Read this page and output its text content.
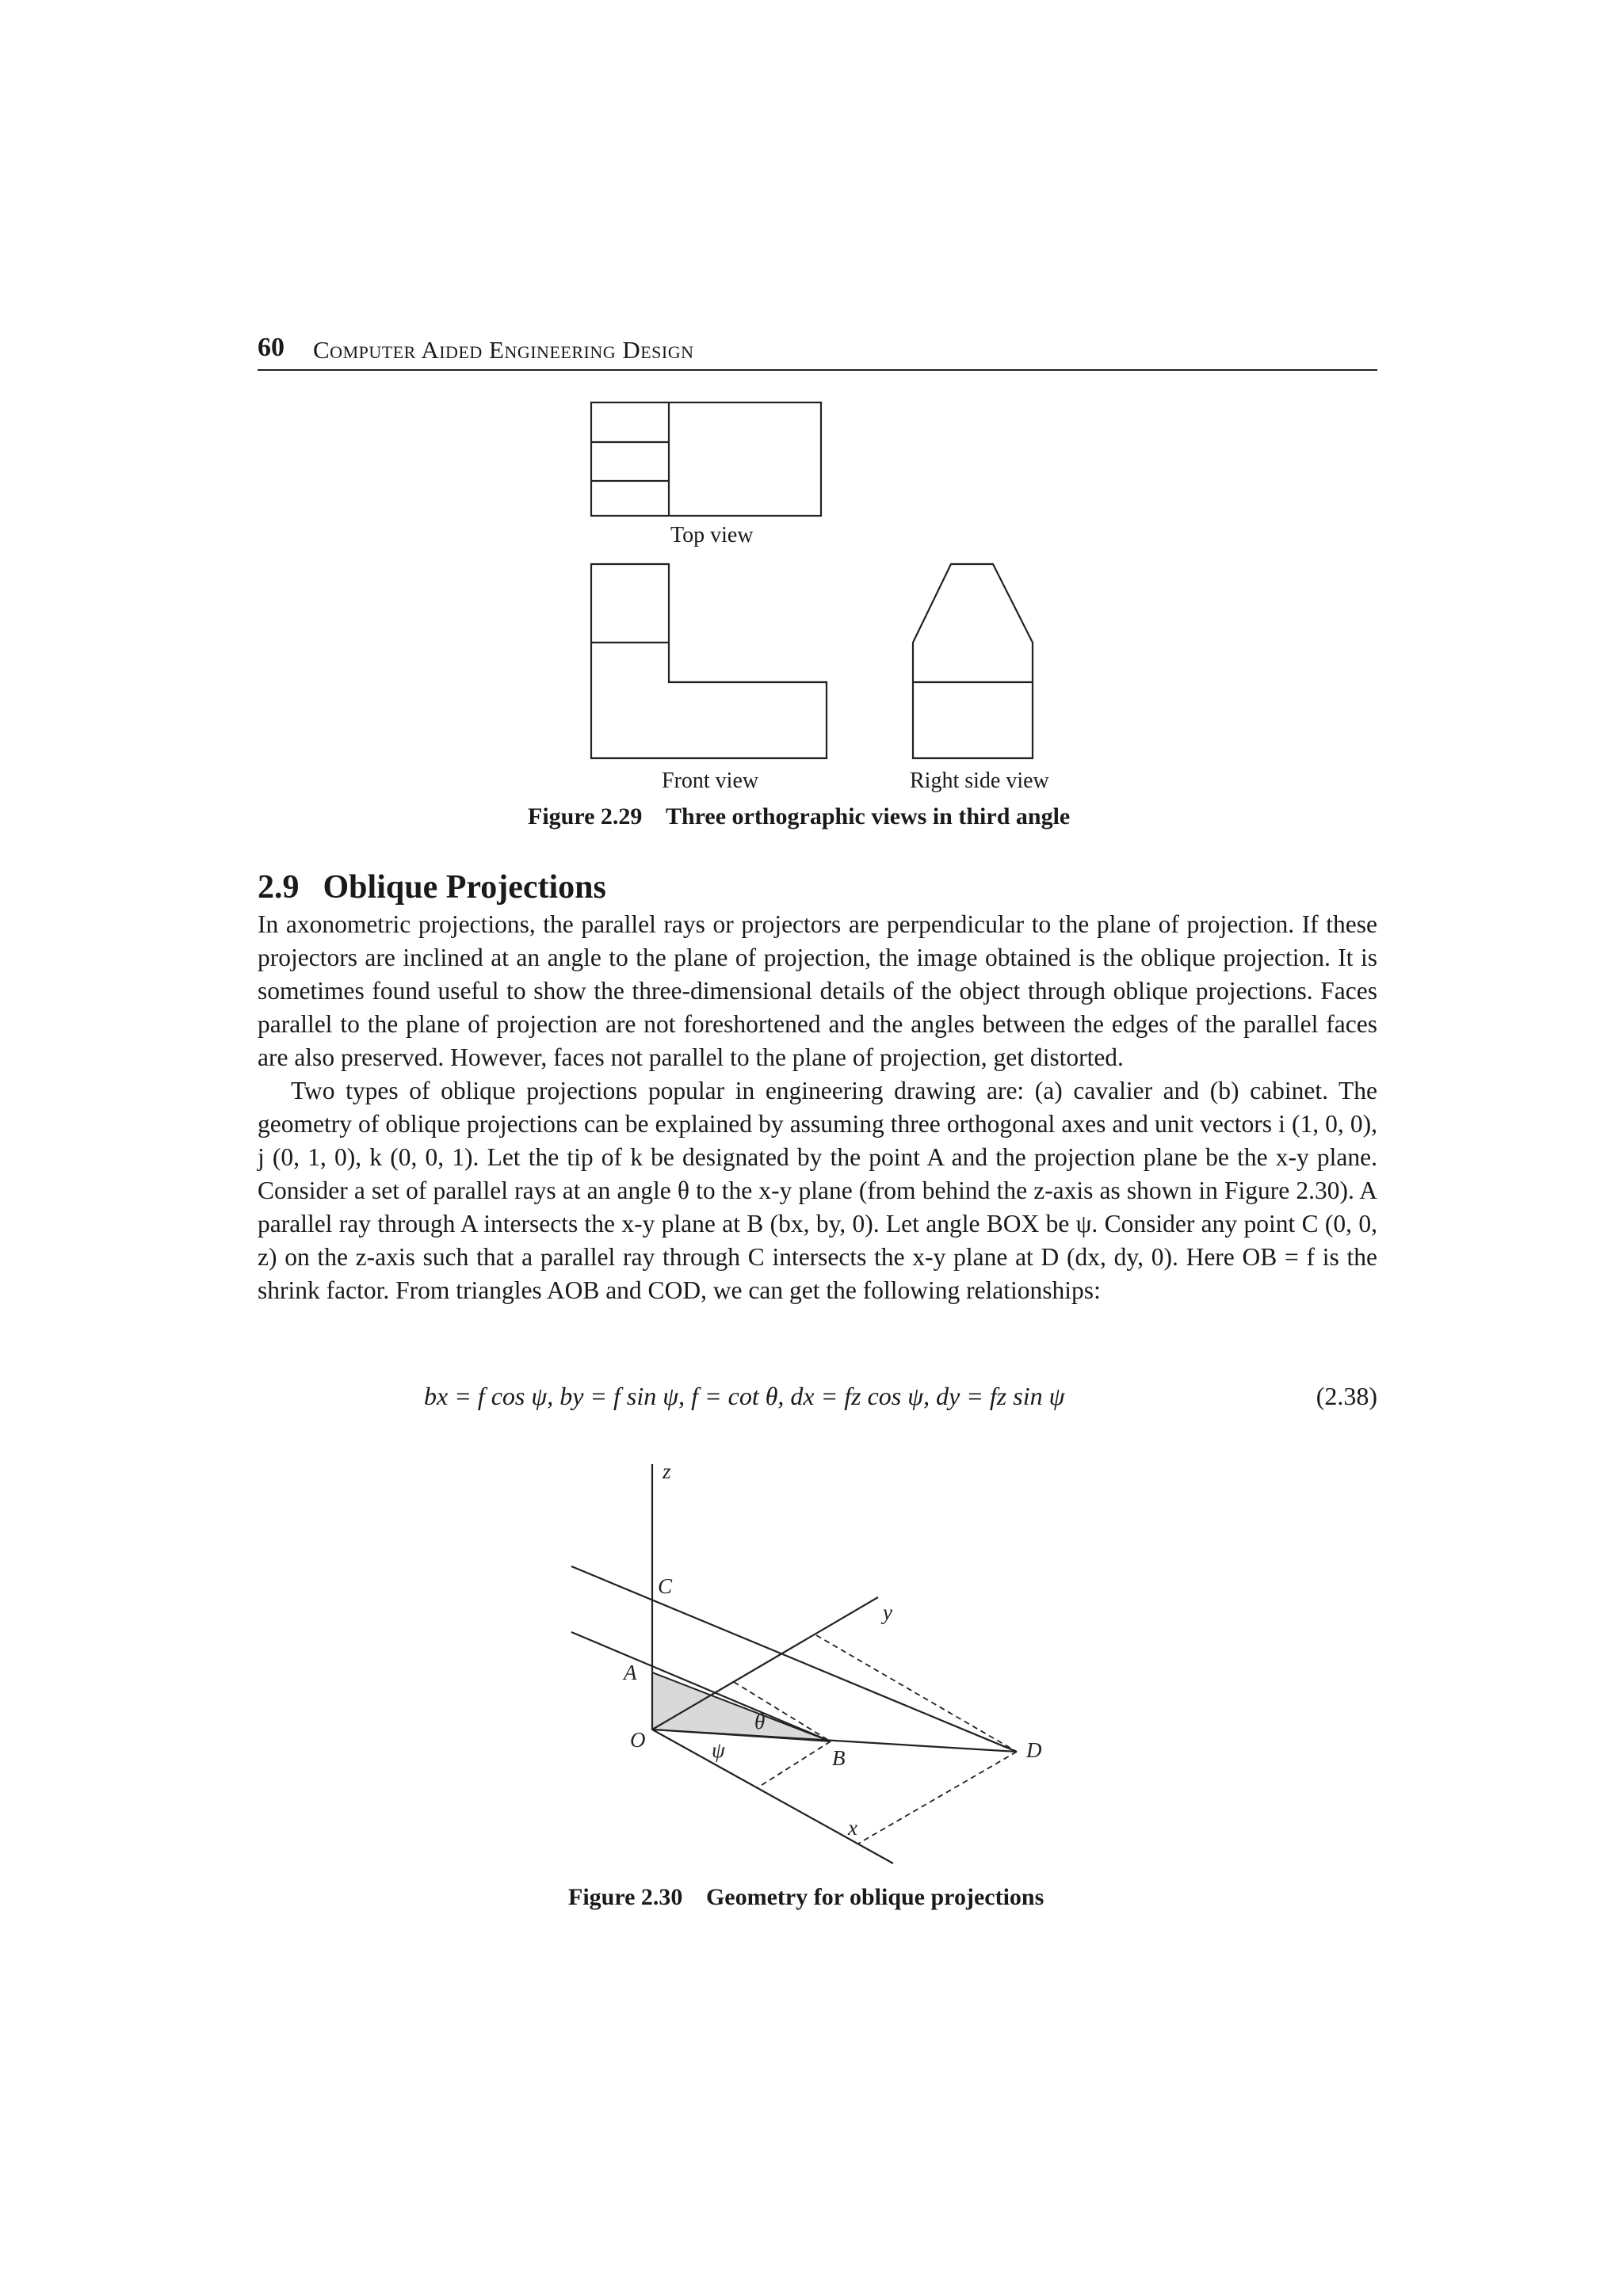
60 Computer Aided Engineering Design
Top view
Front view	Right side view
Figure 2.29 Three orthographic views in third angle
2.9 Oblique Projections

In axonometric projections, the parallel rays or projectors are perpendicular to the plane of projection. If these projectors are inclined at an angle to the plane of projection, the image obtained is the oblique projection. It is sometimes found useful to show the three-dimensional details of the object through oblique projections. Faces parallel to the plane of projection are not foreshortened and the angles between the edges of the parallel faces are also preserved. However, faces not parallel to the plane of projection, get distorted.

Two types of oblique projections popular in engineering drawing are: (a) cavalier and (b) cabinet. The geometry of oblique projections can be explained by assuming three orthogonal axes and unit vectors i (1, 0, 0), j (0, 1, 0), k (0, 0, 1). Let the tip of k be designated by the point A and the projection plane be the x-y plane. Consider a set of parallel rays at an angle θ to the x-y plane (from behind the z-axis as shown in Figure 2.30). A parallel ray through A intersects the x-y plane at B (bx, by, 0). Let angle BOX be ψ. Consider any point C (0, 0, z) on the z-axis such that a parallel ray through C intersects the x-y plane at D (dx, dy, 0). Here OB = f is the shrink factor. From triangles AOB and COD, we can get the following relationships:

bx = f cos ψ, by = f sin ψ, f = cot θ, dx = fz cos ψ, dy = fz sin ψ	(2.38)
z
y
x
C
A
O
B	D
θ
ψ
Figure 2.30 Geometry for oblique projections
